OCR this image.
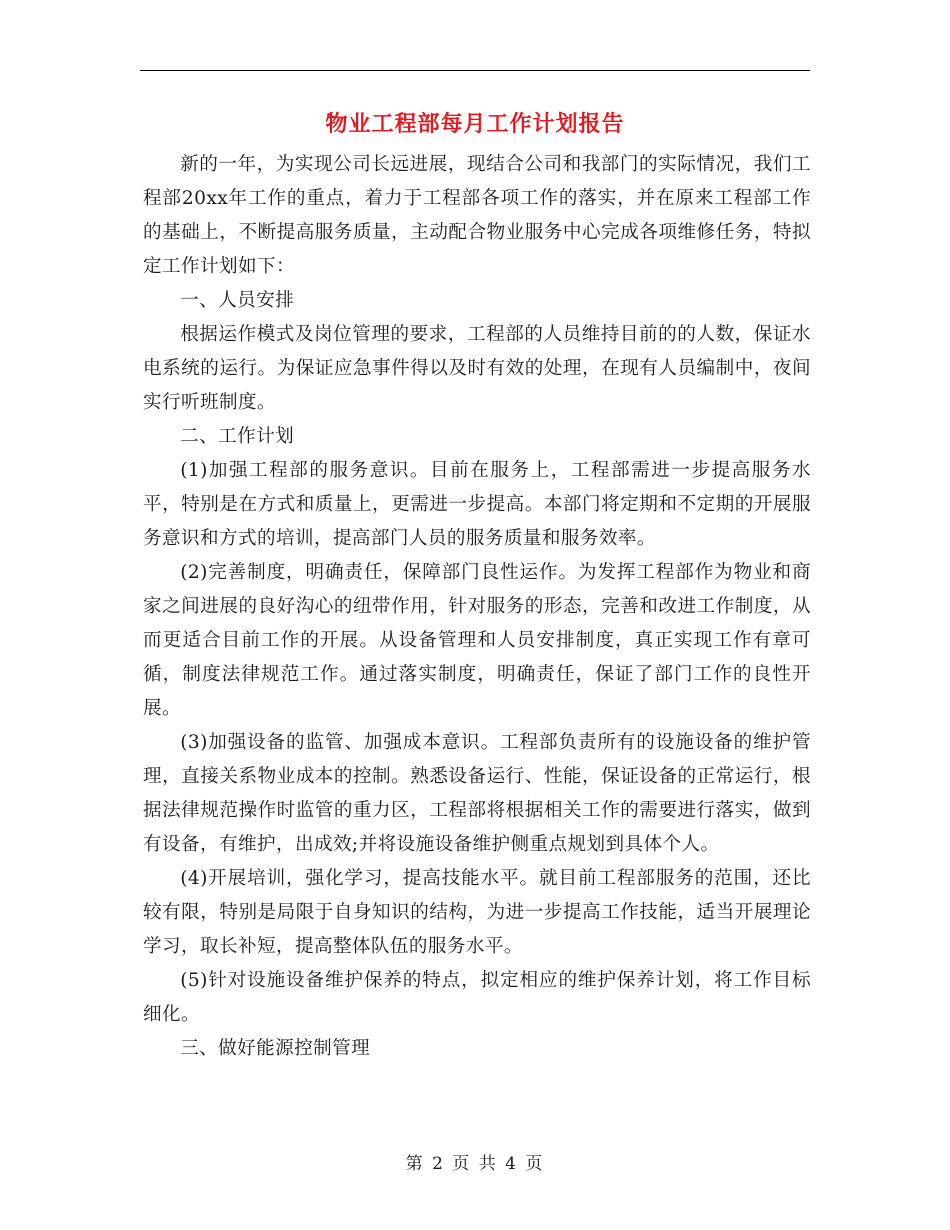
物业工程部每月工作计划报告

新的一年，为实现公司长远进展，现结合公司和我部门的实际情况，我们工程部20xx年工作的重点，着力于工程部各项工作的落实，并在原来工程部工作的基础上，不断提高服务质量，主动配合物业服务中心完成各项维修任务，特拟定工作计划如下：

一、人员安排

根据运作模式及岗位管理的要求，工程部的人员维持目前的的人数，保证水电系统的运行。为保证应急事件得以及时有效的处理，在现有人员编制中，夜间实行听班制度。

二、工作计划

(1)加强工程部的服务意识。目前在服务上，工程部需进一步提高服务水平，特别是在方式和质量上，更需进一步提高。本部门将定期和不定期的开展服务意识和方式的培训，提高部门人员的服务质量和服务效率。

(2)完善制度，明确责任，保障部门良性运作。为发挥工程部作为物业和商家之间进展的良好沟心的纽带作用，针对服务的形态，完善和改进工作制度，从而更适合目前工作的开展。从设备管理和人员安排制度，真正实现工作有章可循，制度法律规范工作。通过落实制度，明确责任，保证了部门工作的良性开展。

(3)加强设备的监管、加强成本意识。工程部负责所有的设施设备的维护管理，直接关系物业成本的控制。熟悉设备运行、性能，保证设备的正常运行，根据法律规范操作时监管的重力区，工程部将根据相关工作的需要进行落实，做到有设备，有维护，出成效;并将设施设备维护侧重点规划到具体个人。

(4)开展培训，强化学习，提高技能水平。就目前工程部服务的范围，还比较有限，特别是局限于自身知识的结构，为进一步提高工作技能，适当开展理论学习，取长补短，提高整体队伍的服务水平。

(5)针对设施设备维护保养的特点，拟定相应的维护保养计划，将工作目标细化。

三、做好能源控制管理

第 2 页 共 4 页
